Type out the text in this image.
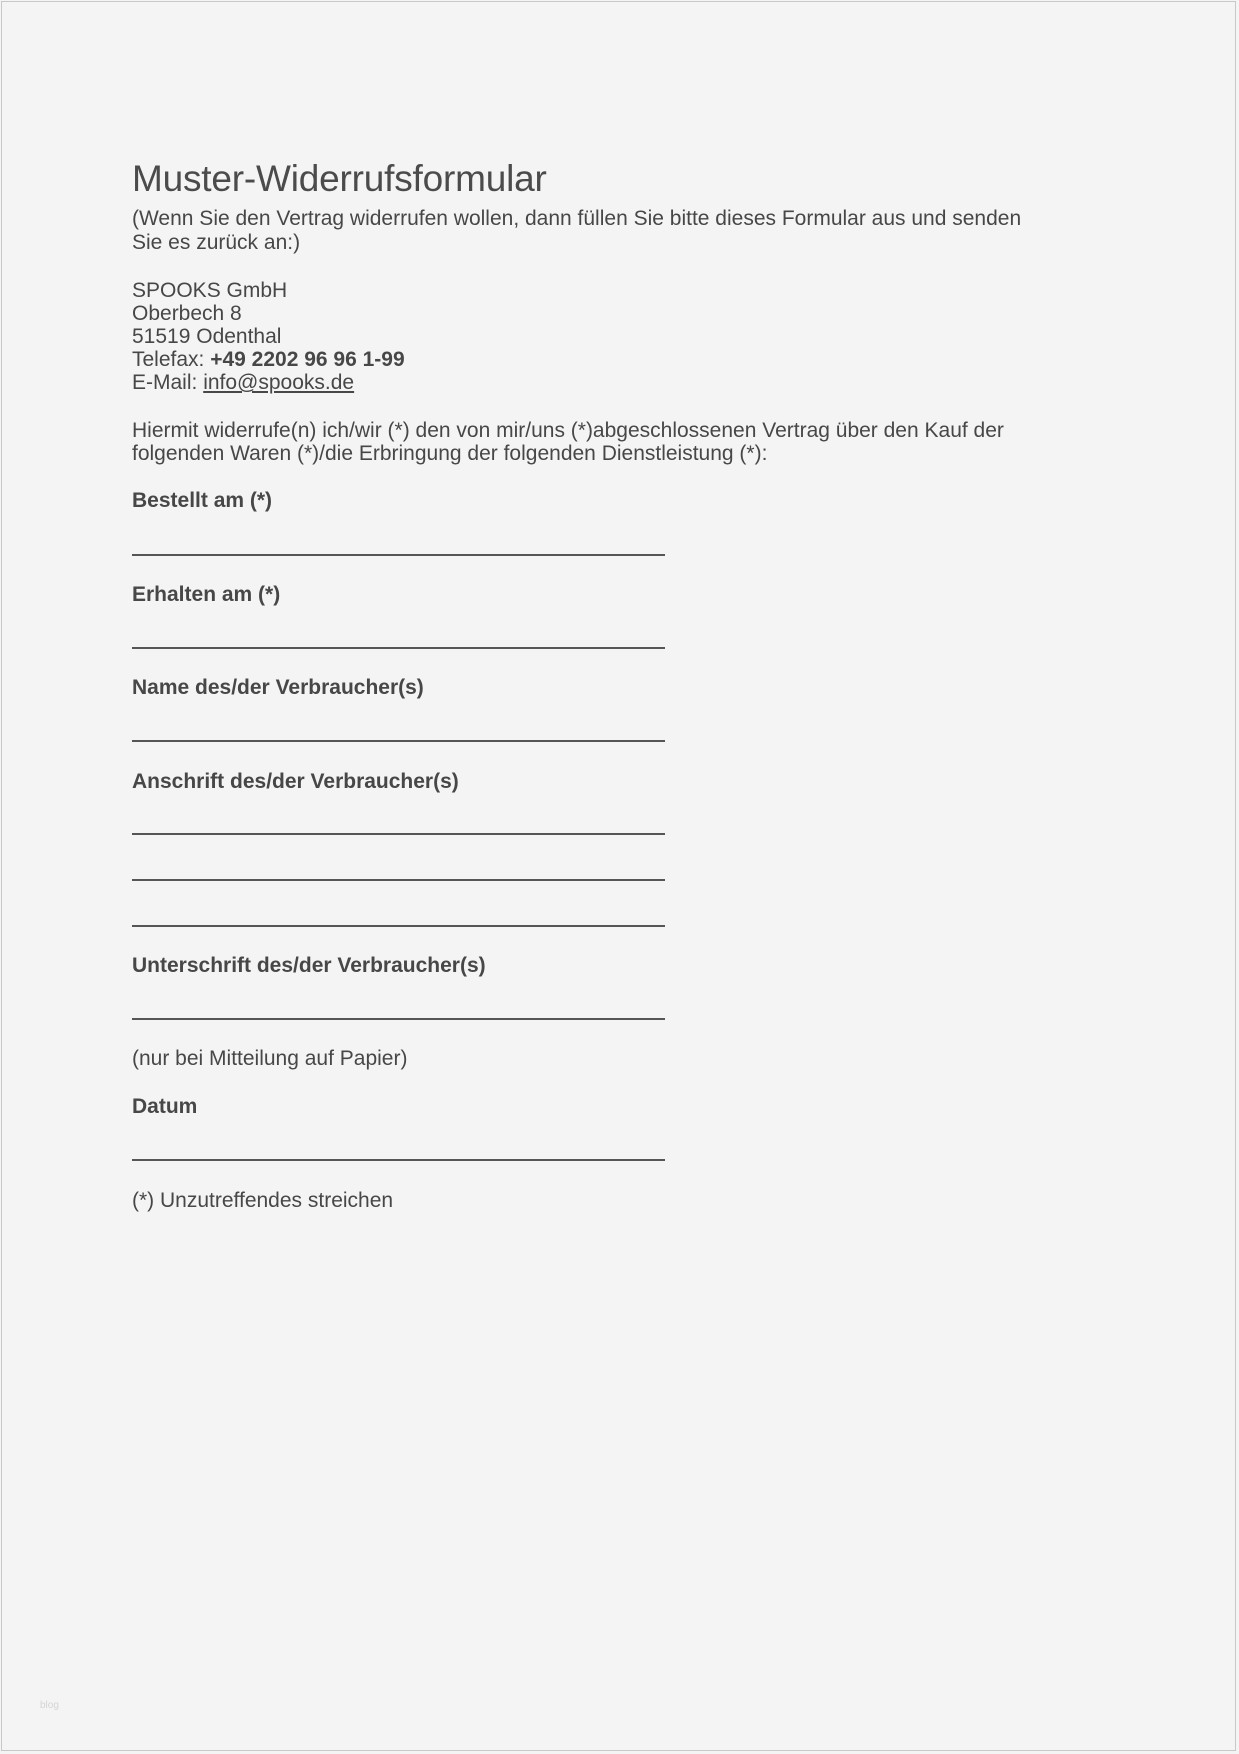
Muster-Widerrufsformular
(Wenn Sie den Vertrag widerrufen wollen, dann füllen Sie bitte dieses Formular aus und senden
Sie es zurück an:)
SPOOKS GmbH
Oberbech 8
51519 Odenthal
Telefax: +49 2202 96 96 1-99
E-Mail: info@spooks.de
Hiermit widerrufe(n) ich/wir (*) den von mir/uns (*)abgeschlossenen Vertrag über den Kauf der
folgenden Waren (*)/die Erbringung der folgenden Dienstleistung (*):
Bestellt am (*)
Erhalten am (*)
Name des/der Verbraucher(s)
Anschrift des/der Verbraucher(s)
Unterschrift des/der Verbraucher(s)
(nur bei Mitteilung auf Papier)
Datum
(*) Unzutreffendes streichen
blog
